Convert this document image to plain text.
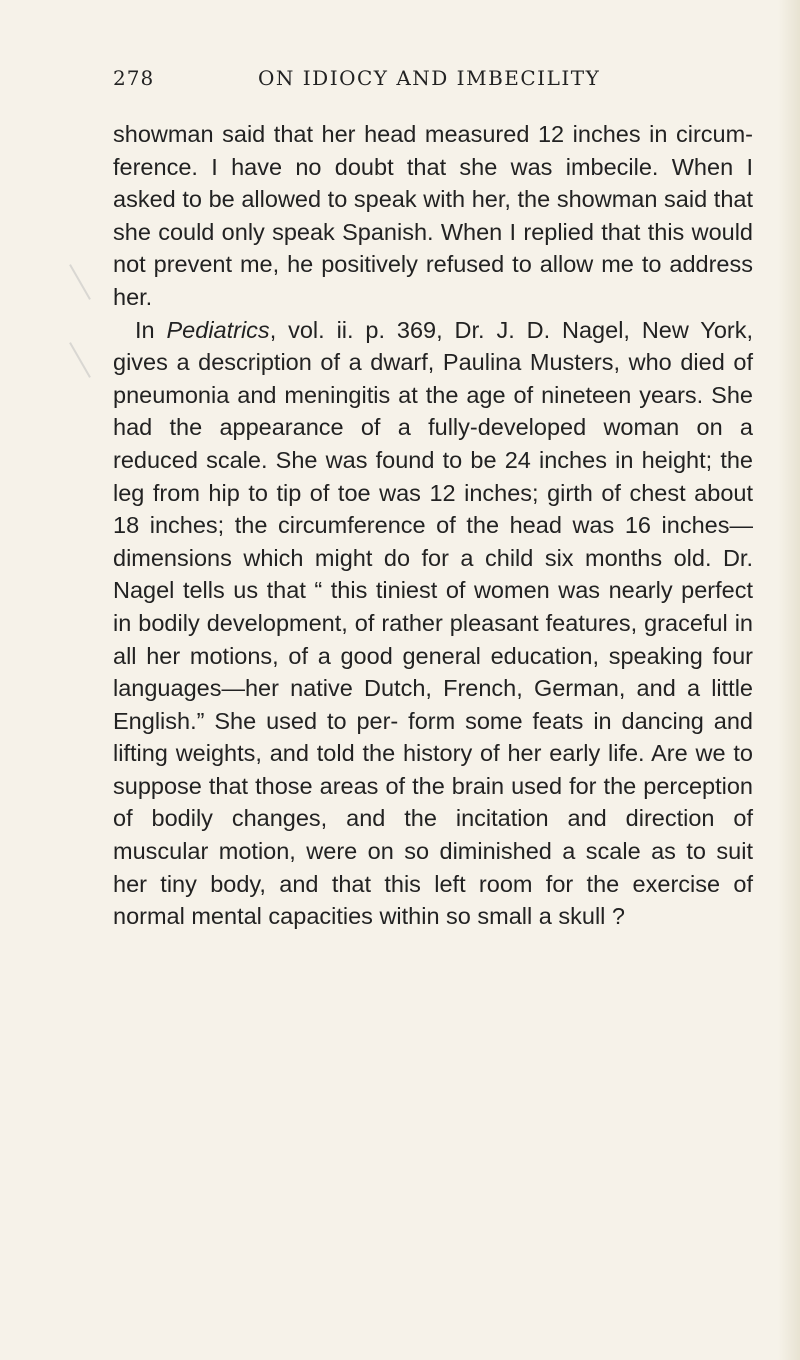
278	ON IDIOCY AND IMBECILITY

showman said that her head measured 12 inches in circum- ference. I have no doubt that she was imbecile. When I asked to be allowed to speak with her, the showman said that she could only speak Spanish. When I replied that this would not prevent me, he positively refused to allow me to address her.

In Pediatrics, vol. ii. p. 369, Dr. J. D. Nagel, New York, gives a description of a dwarf, Paulina Musters, who died of pneumonia and meningitis at the age of nineteen years. She had the appearance of a fully-developed woman on a reduced scale. She was found to be 24 inches in height; the leg from hip to tip of toe was 12 inches; girth of chest about 18 inches; the circumference of the head was 16 inches—dimensions which might do for a child six months old. Dr. Nagel tells us that “ this tiniest of women was nearly perfect in bodily development, of rather pleasant features, graceful in all her motions, of a good general education, speaking four languages—her native Dutch, French, German, and a little English.” She used to per- form some feats in dancing and lifting weights, and told the history of her early life. Are we to suppose that those areas of the brain used for the perception of bodily changes, and the incitation and direction of muscular motion, were on so diminished a scale as to suit her tiny body, and that this left room for the exercise of normal mental capacities within so small a skull ?
